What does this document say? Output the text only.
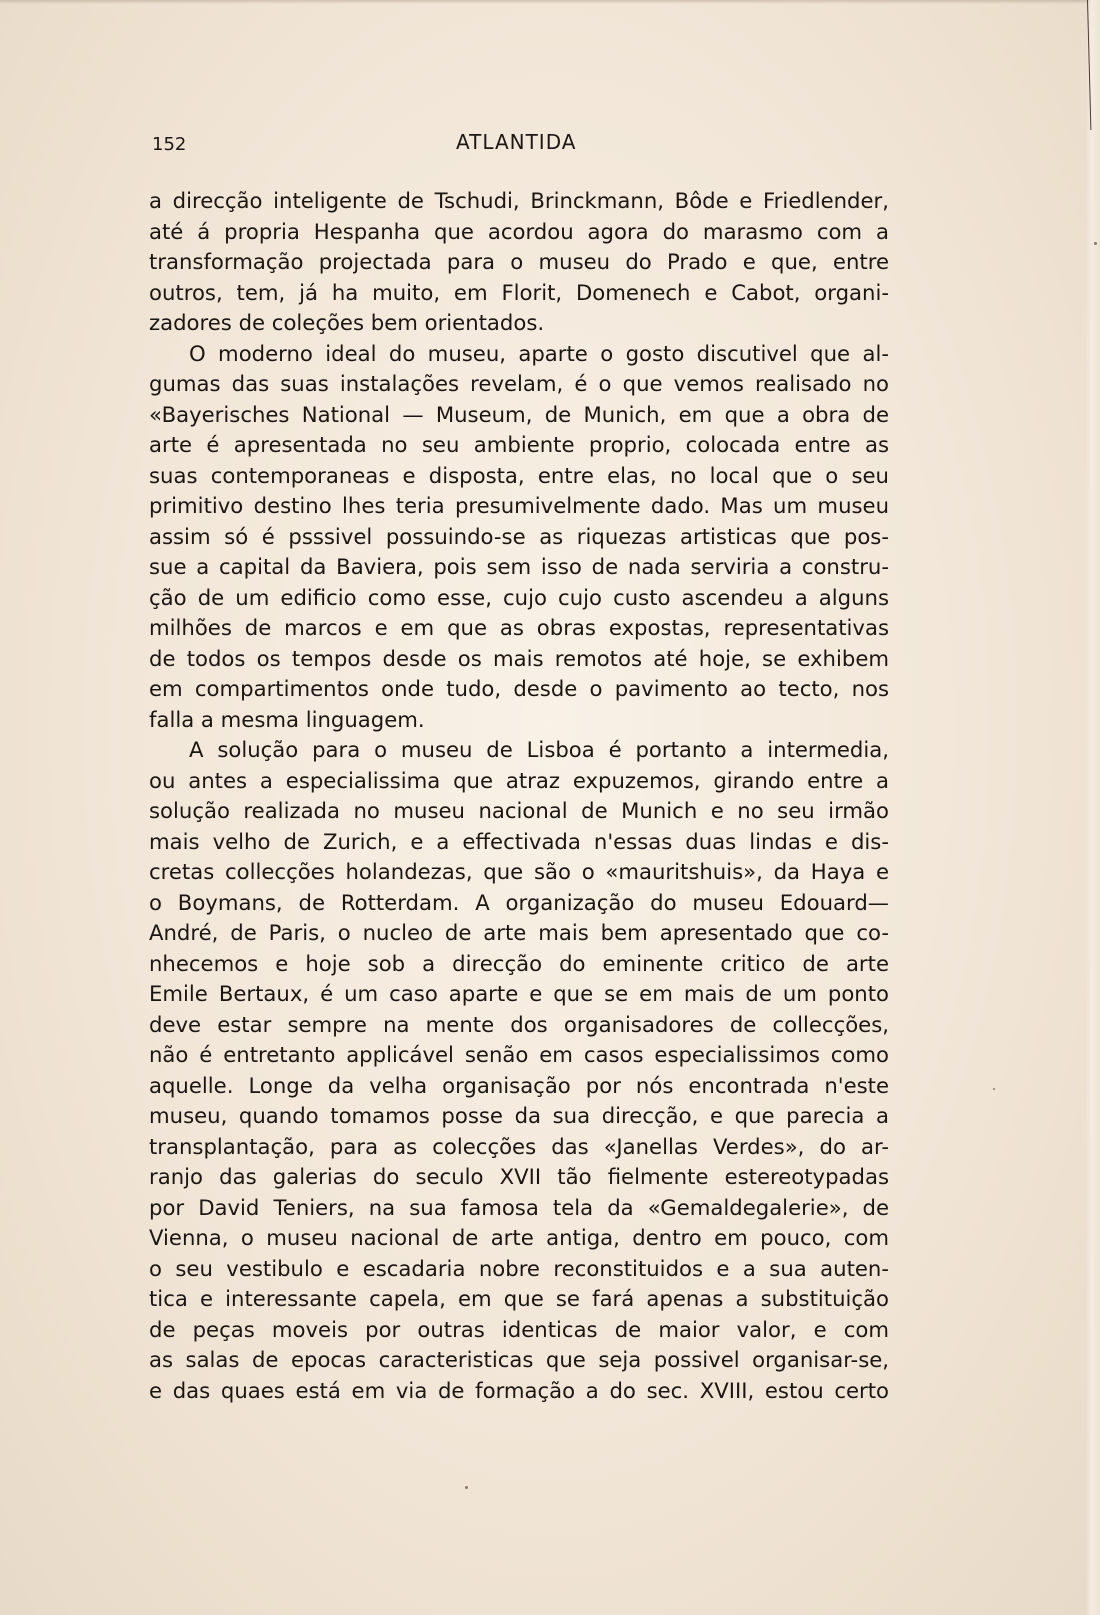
152	ATLANTIDA
a direcção inteligente de Tschudi, Brinckmann, Bôde e Friedlender,
até á propria Hespanha que acordou agora do marasmo com a
transformação projectada para o museu do Prado e que, entre
outros, tem, já ha muito, em Florit, Domenech e Cabot, organi-
zadores de coleções bem orientados.
O moderno ideal do museu, aparte o gosto discutivel que al-
gumas das suas instalações revelam, é o que vemos realisado no
«Bayerisches National — Museum, de Munich, em que a obra de
arte é apresentada no seu ambiente proprio, colocada entre as
suas contemporaneas e disposta, entre elas, no local que o seu
primitivo destino lhes teria presumivelmente dado. Mas um museu
assim só é psssivel possuindo-se as riquezas artisticas que pos-
sue a capital da Baviera, pois sem isso de nada serviria a constru-
ção de um edificio como esse, cujo cujo custo ascendeu a alguns
milhões de marcos e em que as obras expostas, representativas
de todos os tempos desde os mais remotos até hoje, se exhibem
em compartimentos onde tudo, desde o pavimento ao tecto, nos
falla a mesma linguagem.
A solução para o museu de Lisboa é portanto a intermedia,
ou antes a especialissima que atraz expuzemos, girando entre a
solução realizada no museu nacional de Munich e no seu irmão
mais velho de Zurich, e a effectivada n'essas duas lindas e dis-
cretas collecções holandezas, que são o «mauritshuis», da Haya e
o Boymans, de Rotterdam. A organização do museu Edouard—
André, de Paris, o nucleo de arte mais bem apresentado que co-
nhecemos e hoje sob a direcção do eminente critico de arte
Emile Bertaux, é um caso aparte e que se em mais de um ponto
deve estar sempre na mente dos organisadores de collecções,
não é entretanto applicável senão em casos especialissimos como
aquelle. Longe da velha organisação por nós encontrada n'este
museu, quando tomamos posse da sua direcção, e que parecia a
transplantação, para as colecções das «Janellas Verdes», do ar-
ranjo das galerias do seculo XVII tão fielmente estereotypadas
por David Teniers, na sua famosa tela da «Gemaldegalerie», de
Vienna, o museu nacional de arte antiga, dentro em pouco, com
o seu vestibulo e escadaria nobre reconstituidos e a sua auten-
tica e interessante capela, em que se fará apenas a substituição
de peças moveis por outras identicas de maior valor, e com
as salas de epocas caracteristicas que seja possivel organisar-se,
e das quaes está em via de formação a do sec. XVIII, estou certo
